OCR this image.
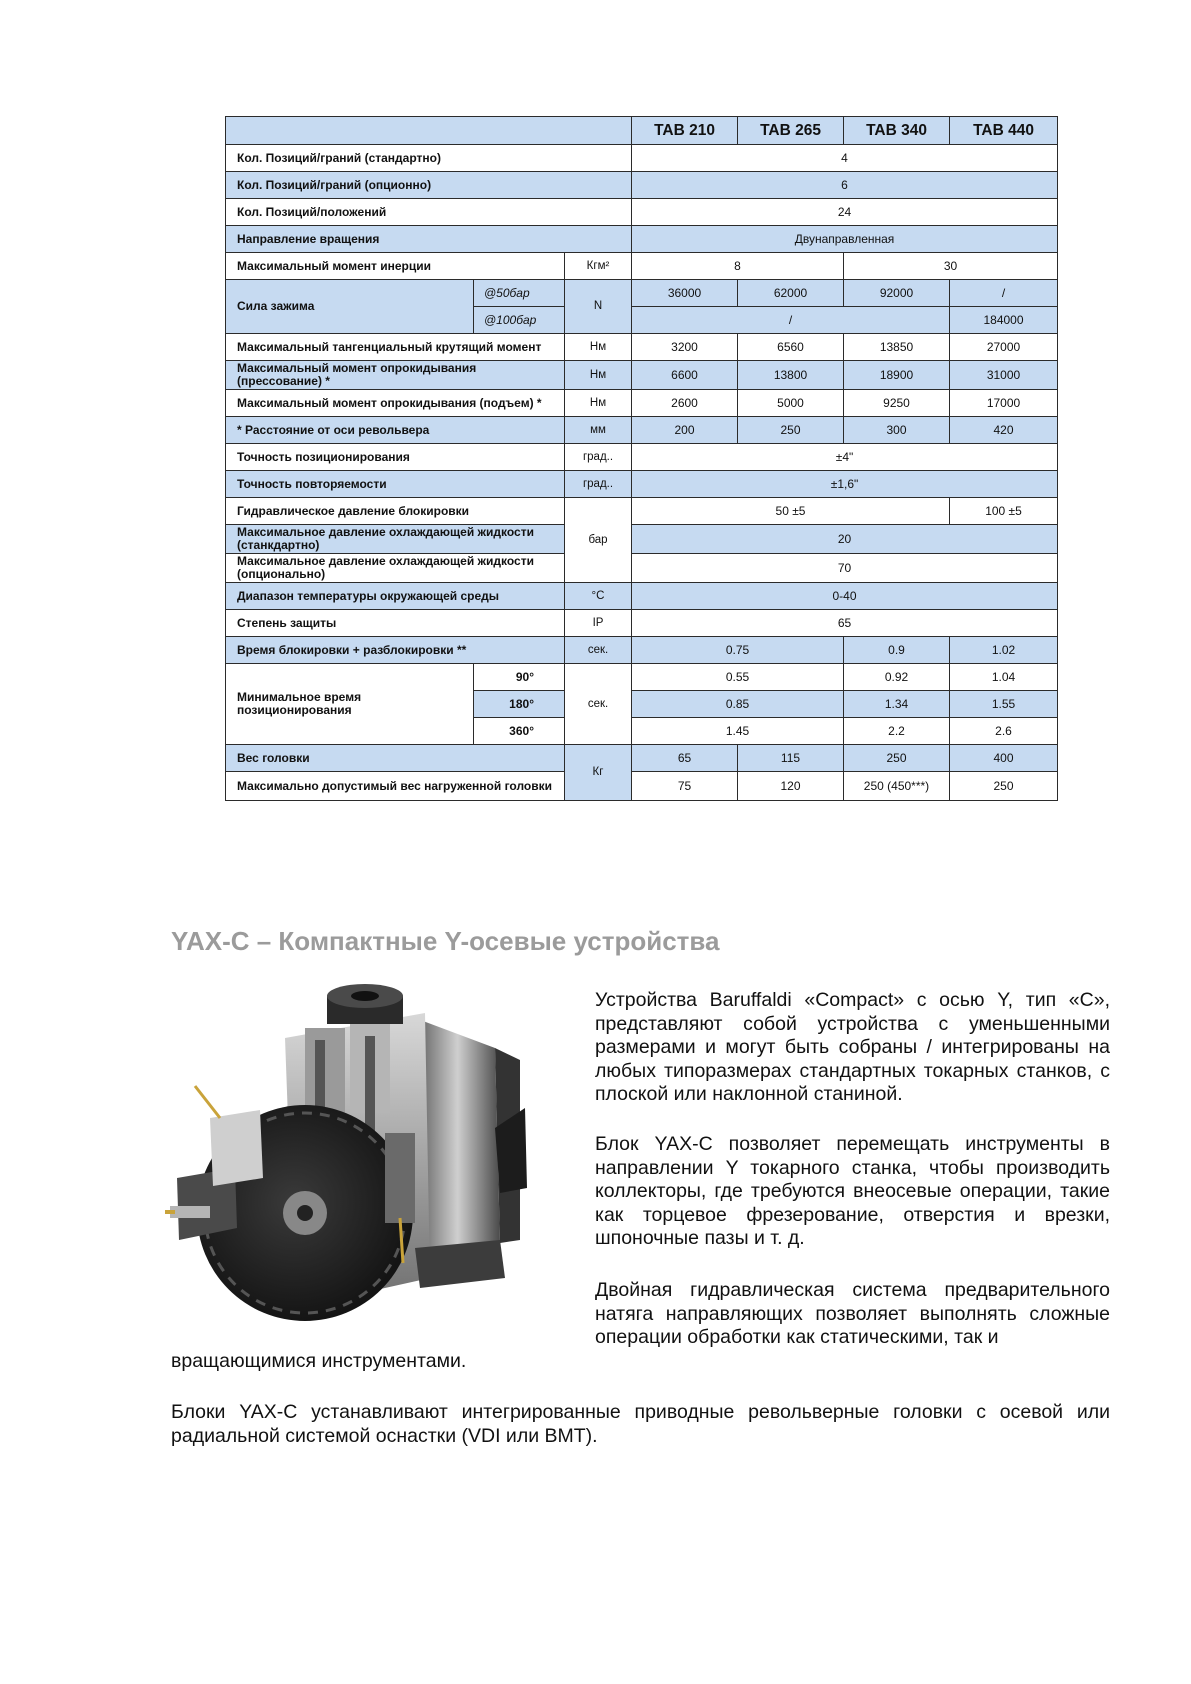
			TAB 210	TAB 265	TAB 340	TAB 440
Кол. Позиций/граний (стандартно)			4			
Кол. Позиций/граний (опционно)			6			
Кол. Позиций/положений			24			
Направление вращения			Двунаправленная			
Максимальный момент инерции		Кгм²	8		30	
Сила зажима	@50бар	N	36000	62000	92000	/
	@100бар		/			184000
Максимальный тангенциальный крутящий момент		Нм	3200	6560	13850	27000
Максимальный момент опрокидывания (прессование) *		Нм	6600	13800	18900	31000
Максимальный момент опрокидывания (подъем) *		Нм	2600	5000	9250	17000
* Расстояние от оси револьвера		мм	200	250	300	420
Точность позиционирования		град..	±4"			
Точность повторяемости		град..	±1,6"			
Гидравлическое давление блокировки		бар	50 ±5			100 ±5
Максимальное давление охлаждающей жидкости (станкдартно)			20			
Максимальное давление охлаждающей жидкости (опционально)			70			
Диапазон температуры окружающей среды		°C	0-40			
Степень защиты		IP	65			
Время блокировки + разблокировки **		сек.	0.75		0.9	1.02
Минимальное время позиционирования	90°	сек.	0.55		0.92	1.04
	180°		0.85		1.34	1.55
	360°		1.45		2.2	2.6
Вес головки		Кг	65	115	250	400
Максимально допустимый вес нагруженной головки			75	120	250 (450***)	250
YAX-C – Компактные Y-осевые устройства

Устройства Baruffaldi «Compact» с осью Y, тип «C», представляют собой устройства с уменьшенными размерами и могут быть собраны / интегрированы на любых типоразмерах стандартных токарных станков, с плоской или наклонной станиной.

Блок YAX-C позволяет перемещать инструменты в направлении Y токарного станка, чтобы производить коллекторы, где требуются внеосевые операции, такие как торцевое фрезерование, отверстия и врезки, шпоночные пазы и т. д.

Двойная гидравлическая система предварительного натяга направляющих позволяет выполнять сложные операции обработки как статическими, так и

вращающимися инструментами.

Блоки YAX-C устанавливают интегрированные приводные револьверные головки с осевой или радиальной системой оснастки (VDI или BMT).
